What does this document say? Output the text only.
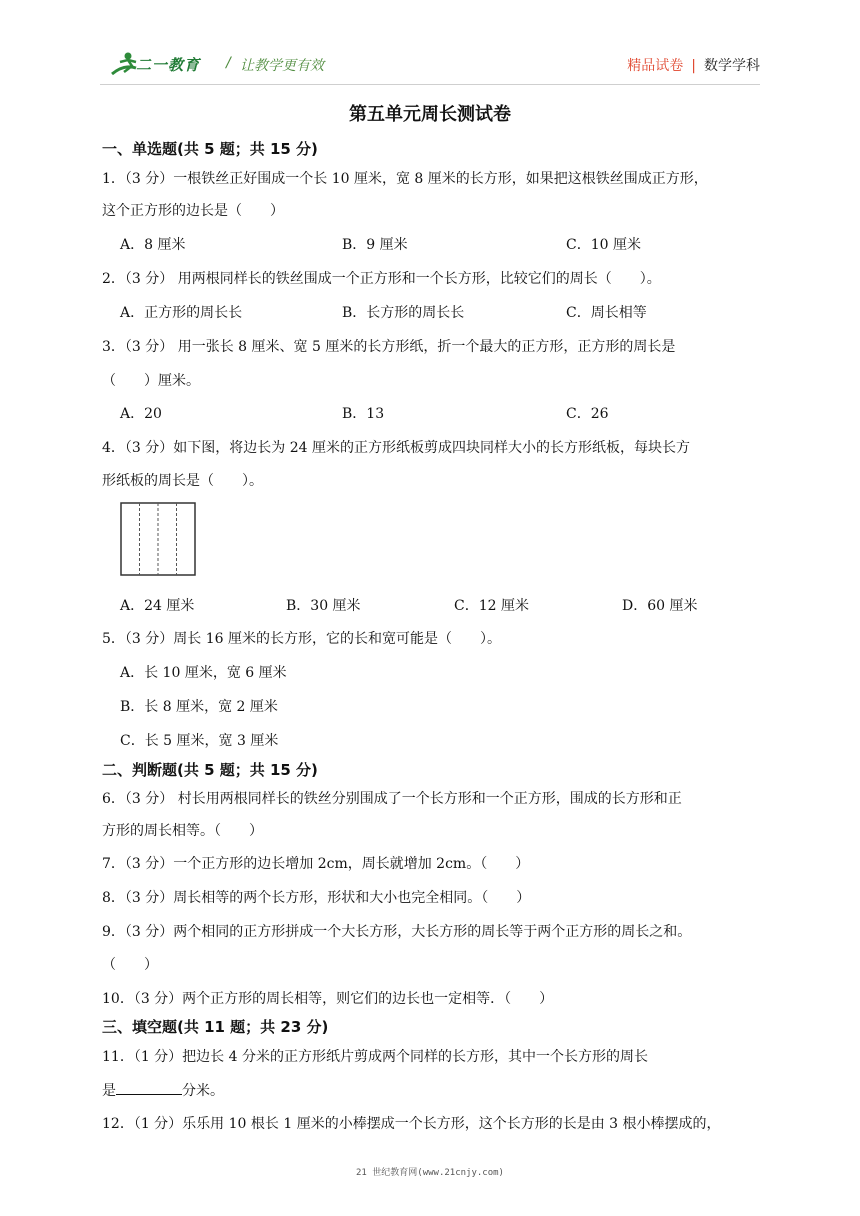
二一教育 / 让教学更有效	精品试卷 | 数学学科
第五单元周长测试卷
一、单选题(共 5 题；共 15 分)
1．（3 分）一根铁丝正好围成一个长 10 厘米，宽 8 厘米的长方形，如果把这根铁丝围成正方形，
这个正方形的边长是（　　）
A．8 厘米	B．9 厘米	C．10 厘米
2．（3 分） 用两根同样长的铁丝围成一个正方形和一个长方形，比较它们的周长（　　）。
A．正方形的周长长	B．长方形的周长长	C．周长相等
3．（3 分） 用一张长 8 厘米、宽 5 厘米的长方形纸，折一个最大的正方形，正方形的周长是
（　　）厘米。
A．20	B．13	C．26
4．（3 分）如下图，将边长为 24 厘米的正方形纸板剪成四块同样大小的长方形纸板，每块长方
形纸板的周长是（　　）。
A．24 厘米	B．30 厘米	C．12 厘米	D．60 厘米
5．（3 分）周长 16 厘米的长方形，它的长和宽可能是（　　）。
A．长 10 厘米，宽 6 厘米
B．长 8 厘米，宽 2 厘米
C．长 5 厘米，宽 3 厘米
二、判断题(共 5 题；共 15 分)
6．（3 分） 村长用两根同样长的铁丝分别围成了一个长方形和一个正方形，围成的长方形和正
方形的周长相等。（　　）
7．（3 分）一个正方形的边长增加 2cm，周长就增加 2cm。（　　）
8．（3 分）周长相等的两个长方形，形状和大小也完全相同。（　　）
9．（3 分）两个相同的正方形拼成一个大长方形，大长方形的周长等于两个正方形的周长之和。
（　　）
10．（3 分）两个正方形的周长相等，则它们的边长也一定相等．（　　）
三、填空题(共 11 题；共 23 分)
11．（1 分）把边长 4 分米的正方形纸片剪成两个同样的长方形，其中一个长方形的周长
是	分米。
12．（1 分）乐乐用 10 根长 1 厘米的小棒摆成一个长方形，这个长方形的长是由 3 根小棒摆成的，
21 世纪教育网(www.21cnjy.com)
